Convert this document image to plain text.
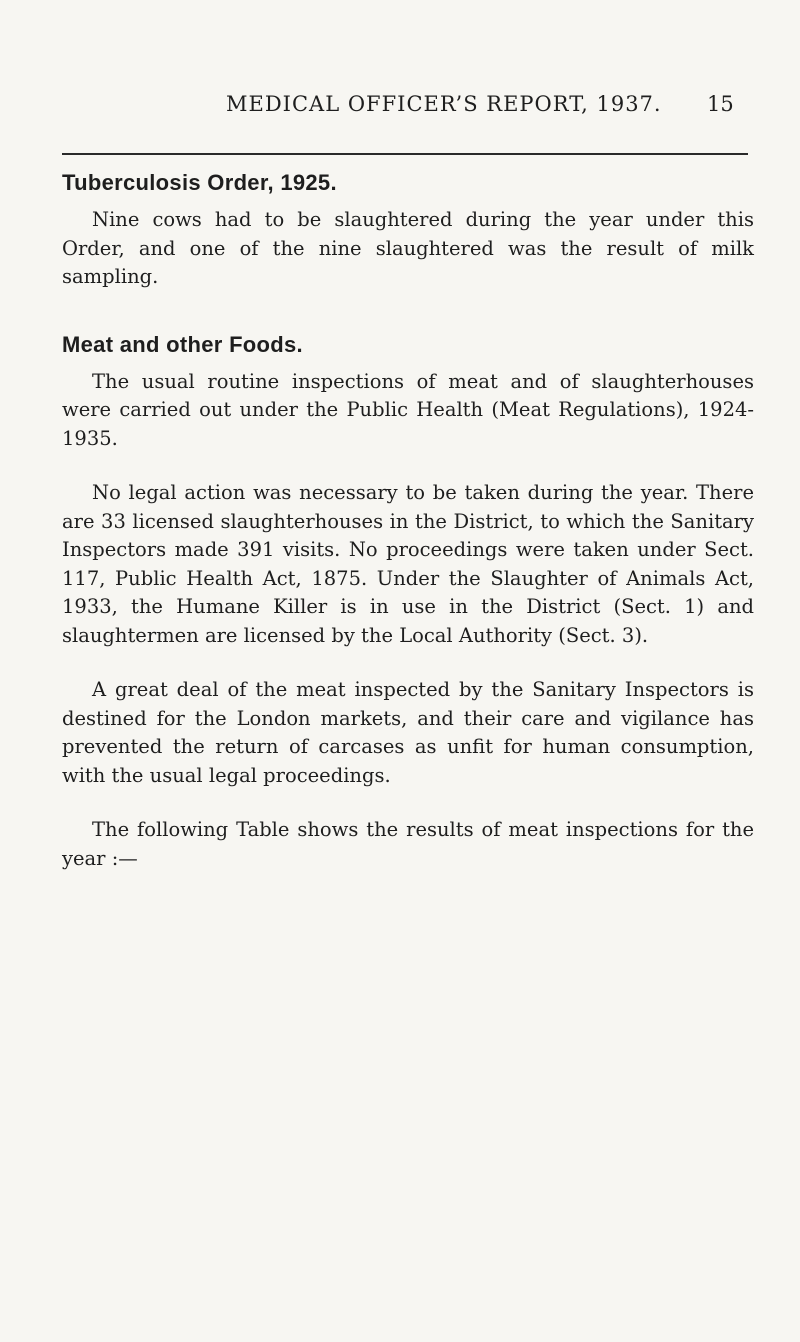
MEDICAL OFFICER’S REPORT, 1937. 15
Tuberculosis Order, 1925.

Nine cows had to be slaughtered during the year under this Order, and one of the nine slaughtered was the result of milk sampling.

Meat and other Foods.

The usual routine inspections of meat and of slaughterhouses were carried out under the Public Health (Meat Regulations), 1924-1935.

No legal action was necessary to be taken during the year. There are 33 licensed slaughterhouses in the District, to which the Sanitary Inspectors made 391 visits. No proceedings were taken under Sect. 117, Public Health Act, 1875. Under the Slaughter of Animals Act, 1933, the Humane Killer is in use in the District (Sect. 1) and slaughtermen are licensed by the Local Authority (Sect. 3).

A great deal of the meat inspected by the Sanitary Inspectors is destined for the London markets, and their care and vigilance has prevented the return of carcases as unfit for human consumption, with the usual legal proceedings.

The following Table shows the results of meat inspections for the year :—
